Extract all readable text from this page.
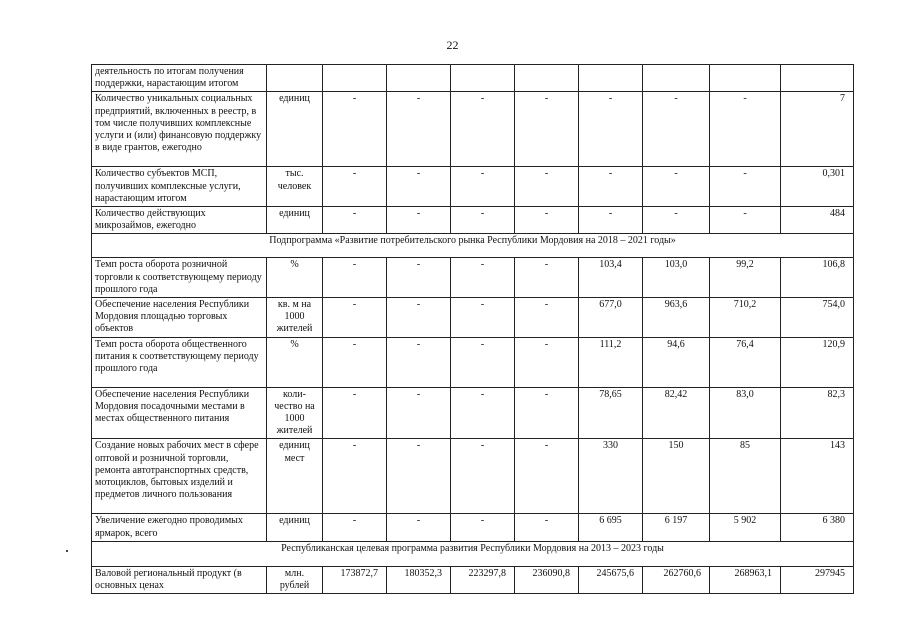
22
деятельность по итогам получения поддержки, нарастающим итогом									
Количество уникальных социальных предприятий, включенных в реестр, в том числе получивших комплексные услуги и (или) финансовую поддержку в виде грантов, ежегодно	единиц	-	-	-	-	-	-	-	7
Количество субъектов МСП, получивших комплексные услуги, нарастающим итогом	тыс. человек	-	-	-	-	-	-	-	0,301
Количество действующих микрозаймов, ежегодно	единиц	-	-	-	-	-	-	-	484
Подпрограмма «Развитие потребительского рынка Республики Мордовия на 2018 – 2021 годы»									
Темп роста оборота розничной торговли к соответствующему периоду прошлого года	%	-	-	-	-	103,4	103,0	99,2	106,8
Обеспечение населения Республики Мордовия площадью торговых объектов	кв. м на 1000 жителей	-	-	-	-	677,0	963,6	710,2	754,0
Темп роста оборота общественного питания к соответствующему периоду прошлого года	%	-	-	-	-	111,2	94,6	76,4	120,9
Обеспечение населения Республики Мордовия посадочными местами в местах общественного питания	коли-чество на 1000 жителей	-	-	-	-	78,65	82,42	83,0	82,3
Создание новых рабочих мест в сфере оптовой и розничной торговли, ремонта автотранспортных средств, мотоциклов, бытовых изделий и предметов личного пользования	единиц мест	-	-	-	-	330	150	85	143
Увеличение ежегодно проводимых ярмарок, всего	единиц	-	-	-	-	6 695	6 197	5 902	6 380
Республиканская целевая программа развития Республики Мордовия на 2013 – 2023 годы									
Валовой региональный продукт (в основных ценах	млн. рублей	173872,7	180352,3	223297,8	236090,8	245675,6	262760,6	268963,1	297945
